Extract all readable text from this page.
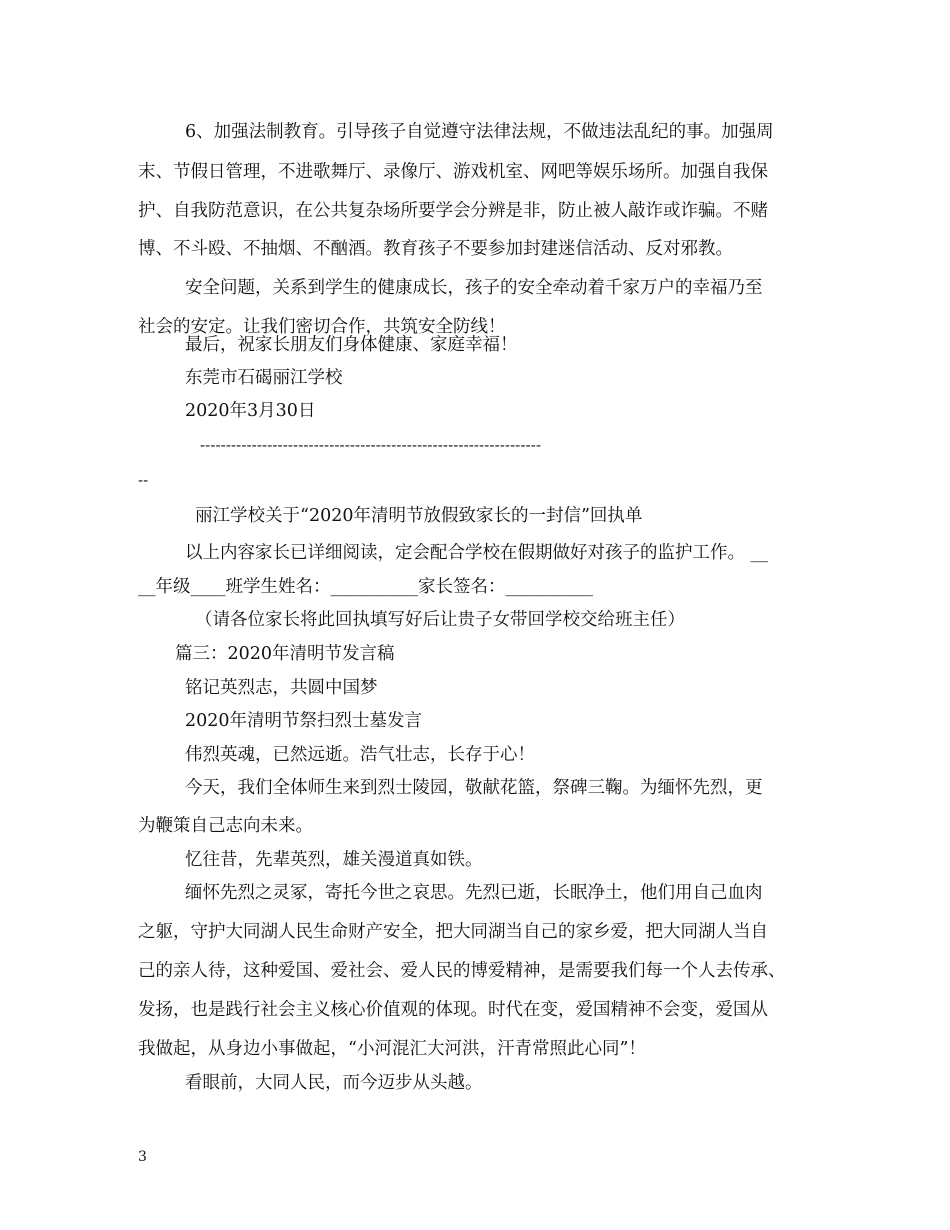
6、加强法制教育。引导孩子自觉遵守法律法规，不做违法乱纪的事。加强周
末、节假日管理，不进歌舞厅、录像厅、游戏机室、网吧等娱乐场所。加强自我保
护、自我防范意识，在公共复杂场所要学会分辨是非，防止被人敲诈或诈骗。不赌
博、不斗殴、不抽烟、不酗酒。教育孩子不要参加封建迷信活动、反对邪教。
安全问题，关系到学生的健康成长，孩子的安全牵动着千家万户的幸福乃至
社会的安定。让我们密切合作，共筑安全防线！
最后，祝家长朋友们身体健康、家庭幸福！
东莞市石碣丽江学校
2020年3月30日
------------------------------------------------------------------
--
丽江学校关于“2020年清明节放假致家长的一封信”回执单
以上内容家长已详细阅读，定会配合学校在假期做好对孩子的监护工作。 __
__年级____班学生姓名：__________家长签名：__________
（请各位家长将此回执填写好后让贵子女带回学校交给班主任）
篇三：2020年清明节发言稿
铭记英烈志，共圆中国梦
2020年清明节祭扫烈士墓发言
伟烈英魂，已然远逝。浩气壮志，长存于心！
今天，我们全体师生来到烈士陵园，敬献花篮，祭碑三鞠。为缅怀先烈，更
为鞭策自己志向未来。
忆往昔，先辈英烈，雄关漫道真如铁。
缅怀先烈之灵冢，寄托今世之哀思。先烈已逝，长眠净土，他们用自己血肉
之躯，守护大同湖人民生命财产安全，把大同湖当自己的家乡爱，把大同湖人当自
己的亲人待，这种爱国、爱社会、爱人民的博爱精神，是需要我们每一个人去传承、
发扬，也是践行社会主义核心价值观的体现。时代在变，爱国精神不会变，爱国从
我做起，从身边小事做起，“小河混汇大河洪，汗青常照此心同”！
看眼前，大同人民，而今迈步从头越。
3
